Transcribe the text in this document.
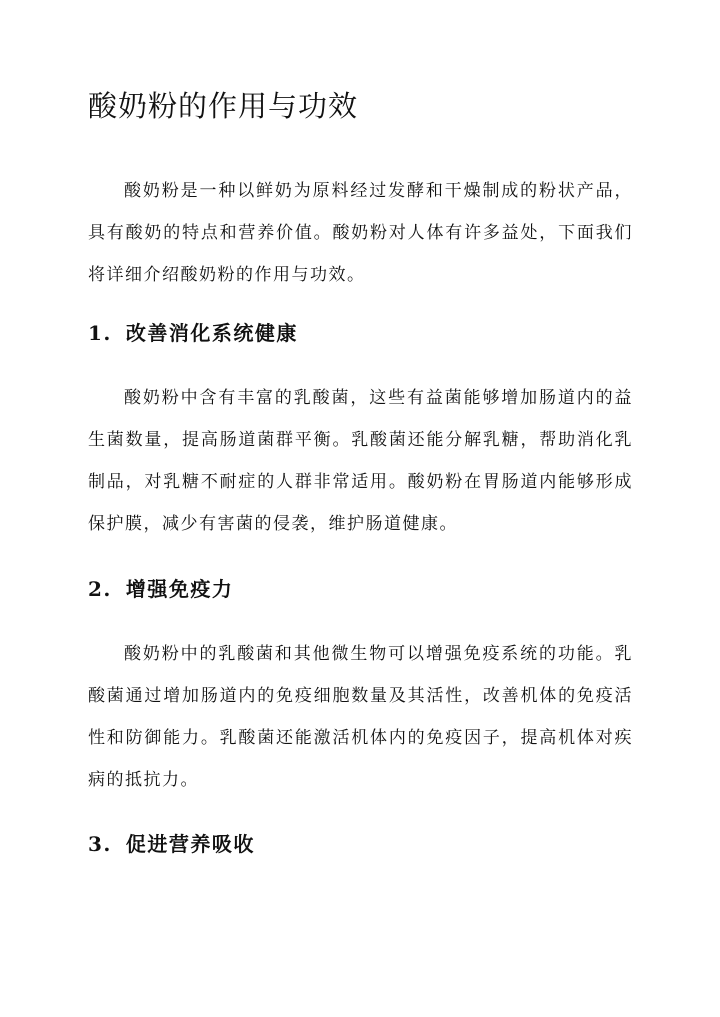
酸奶粉的作用与功效

酸奶粉是一种以鲜奶为原料经过发酵和干燥制成的粉状产品，具有酸奶的特点和营养价值。酸奶粉对人体有许多益处，下面我们将详细介绍酸奶粉的作用与功效。

1. 改善消化系统健康

酸奶粉中含有丰富的乳酸菌，这些有益菌能够增加肠道内的益生菌数量，提高肠道菌群平衡。乳酸菌还能分解乳糖，帮助消化乳制品，对乳糖不耐症的人群非常适用。酸奶粉在胃肠道内能够形成保护膜，减少有害菌的侵袭，维护肠道健康。

2. 增强免疫力

酸奶粉中的乳酸菌和其他微生物可以增强免疫系统的功能。乳酸菌通过增加肠道内的免疫细胞数量及其活性，改善机体的免疫活性和防御能力。乳酸菌还能激活机体内的免疫因子，提高机体对疾病的抵抗力。

3. 促进营养吸收
